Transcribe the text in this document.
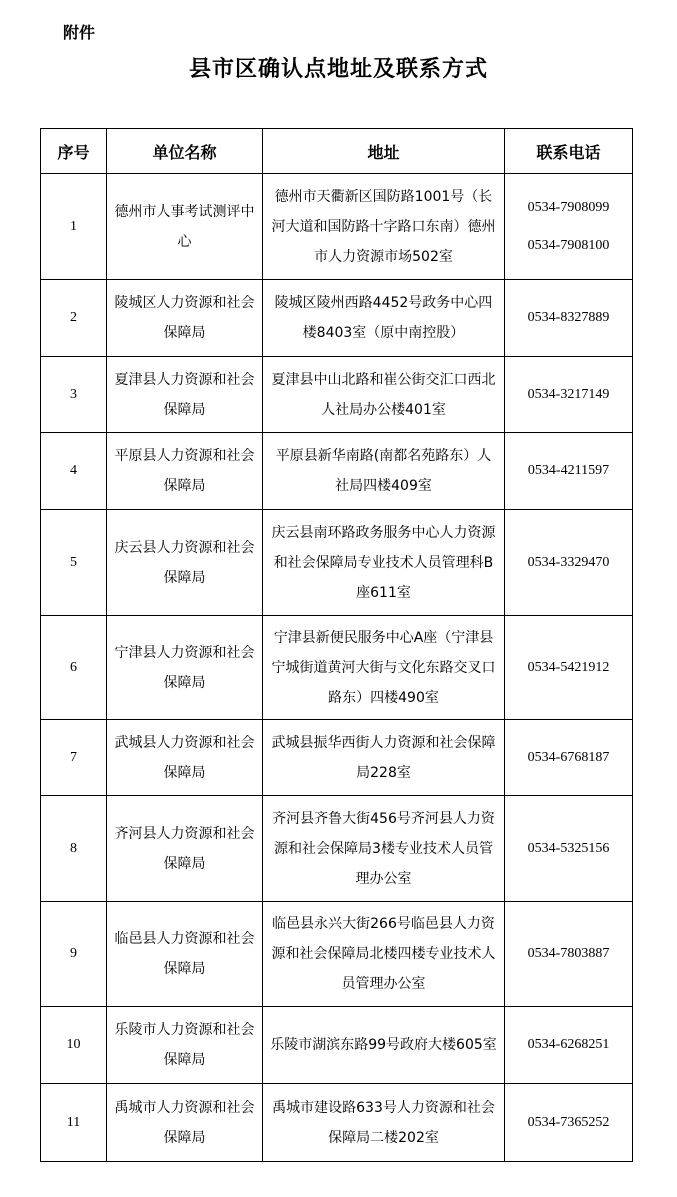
附件
县市区确认点地址及联系方式
序号	单位名称	地址	联系电话
1	德州市人事考试测评中心	德州市天衢新区国防路1001号（长河大道和国防路十字路口东南）德州市人力资源市场502室	0534-7908099
0534-7908100

2	陵城区人力资源和社会保障局	陵城区陵州西路4452号政务中心四楼8403室（原中南控股）	0534-8327889

3	夏津县人力资源和社会保障局	夏津县中山北路和崔公街交汇口西北人社局办公楼401室	0534-3217149

4	平原县人力资源和社会保障局	平原县新华南路(南都名苑路东）人社局四楼409室	0534-4211597

5	庆云县人力资源和社会保障局	庆云县南环路政务服务中心人力资源和社会保障局专业技术人员管理科B座611室	0534-3329470

6	宁津县人力资源和社会保障局	宁津县新便民服务中心A座（宁津县宁城街道黄河大街与文化东路交叉口路东）四楼490室	0534-5421912

7	武城县人力资源和社会保障局	武城县振华西街人力资源和社会保障局228室	0534-6768187

8	齐河县人力资源和社会保障局	齐河县齐鲁大街456号齐河县人力资源和社会保障局3楼专业技术人员管理办公室	0534-5325156

9	临邑县人力资源和社会保障局	临邑县永兴大街266号临邑县人力资源和社会保障局北楼四楼专业技术人员管理办公室	0534-7803887

10	乐陵市人力资源和社会保障局	乐陵市湖滨东路99号政府大楼605室	0534-6268251

11	禹城市人力资源和社会保障局	禹城市建设路633号人力资源和社会保障局二楼202室	0534-7365252
